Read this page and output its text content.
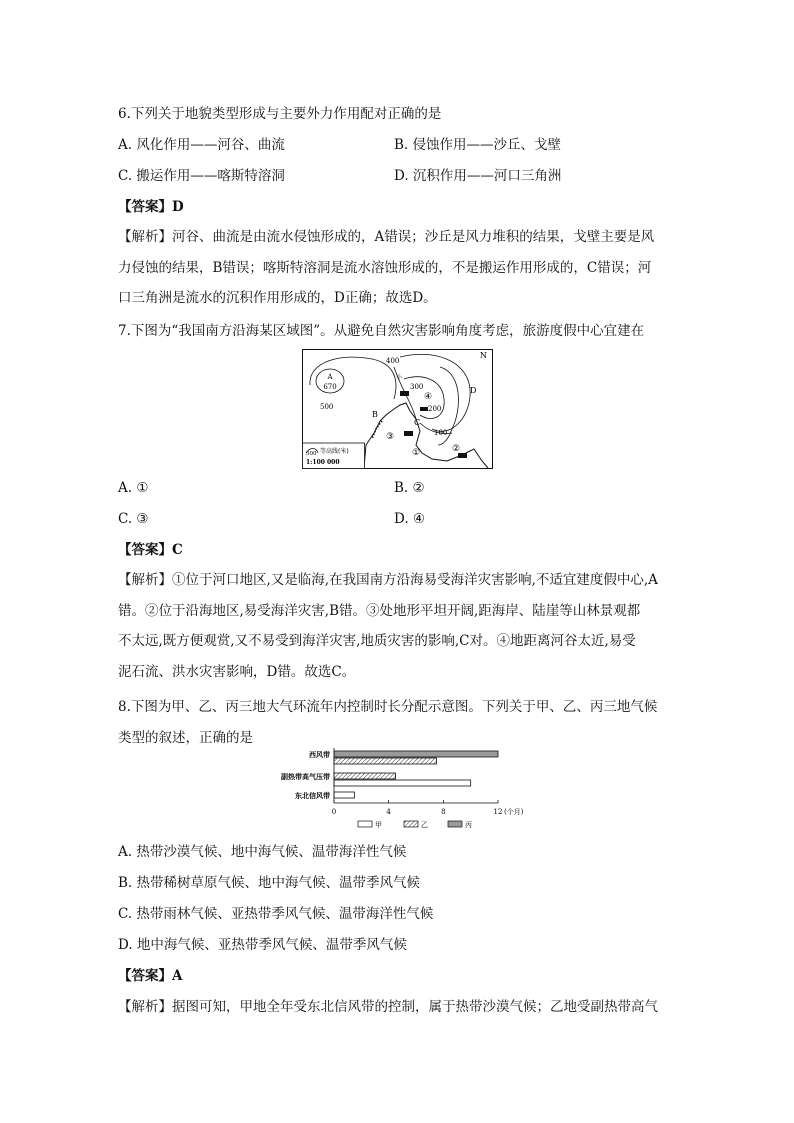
6.下列关于地貌类型形成与主要外力作用配对正确的是
A. 风化作用——河谷、曲流	B. 侵蚀作用——沙丘、戈壁
C. 搬运作用——喀斯特溶洞	D. 沉积作用——河口三角洲
【答案】D

【解析】河谷、曲流是由流水侵蚀形成的，A错误；沙丘是风力堆积的结果，戈壁主要是风

力侵蚀的结果，B错误；喀斯特溶洞是流水溶蚀形成的，不是搬运作用形成的，C错误；河

口三角洲是流水的沉积作用形成的，D正确；故选D。

7.下图为“我国南方沿海某区域图”。从避免自然灾害影响角度考虑，旅游度假中心宜建在
N
A
670
400
500
300
200
100
B
C
D
小
①	②
③
④
500 等高线(米)
1:100 000
A. ①	B. ②
C. ③	D. ④
【答案】C

【解析】①位于河口地区,又是临海,在我国南方沿海易受海洋灾害影响,不适宜建度假中心,A

错。②位于沿海地区,易受海洋灾害,B错。③处地形平坦开阔,距海岸、陆崖等山林景观都

不太远,既方便观赏,又不易受到海洋灾害,地质灾害的影响,C对。④地距离河谷太近,易受

泥石流、洪水灾害影响，D错。故选C。

8.下图为甲、乙、丙三地大气环流年内控制时长分配示意图。下列关于甲、乙、丙三地气候

类型的叙述，正确的是

西风带
副热带高气压带
东北信风带
0	4	8	12 (个月)
甲	乙	丙
A. 热带沙漠气候、地中海气候、温带海洋性气候
B. 热带稀树草原气候、地中海气候、温带季风气候
C. 热带雨林气候、亚热带季风气候、温带海洋性气候
D. 地中海气候、亚热带季风气候、温带季风气候
【答案】A
【解析】据图可知，甲地全年受东北信风带的控制，属于热带沙漠气候；乙地受副热带高气
